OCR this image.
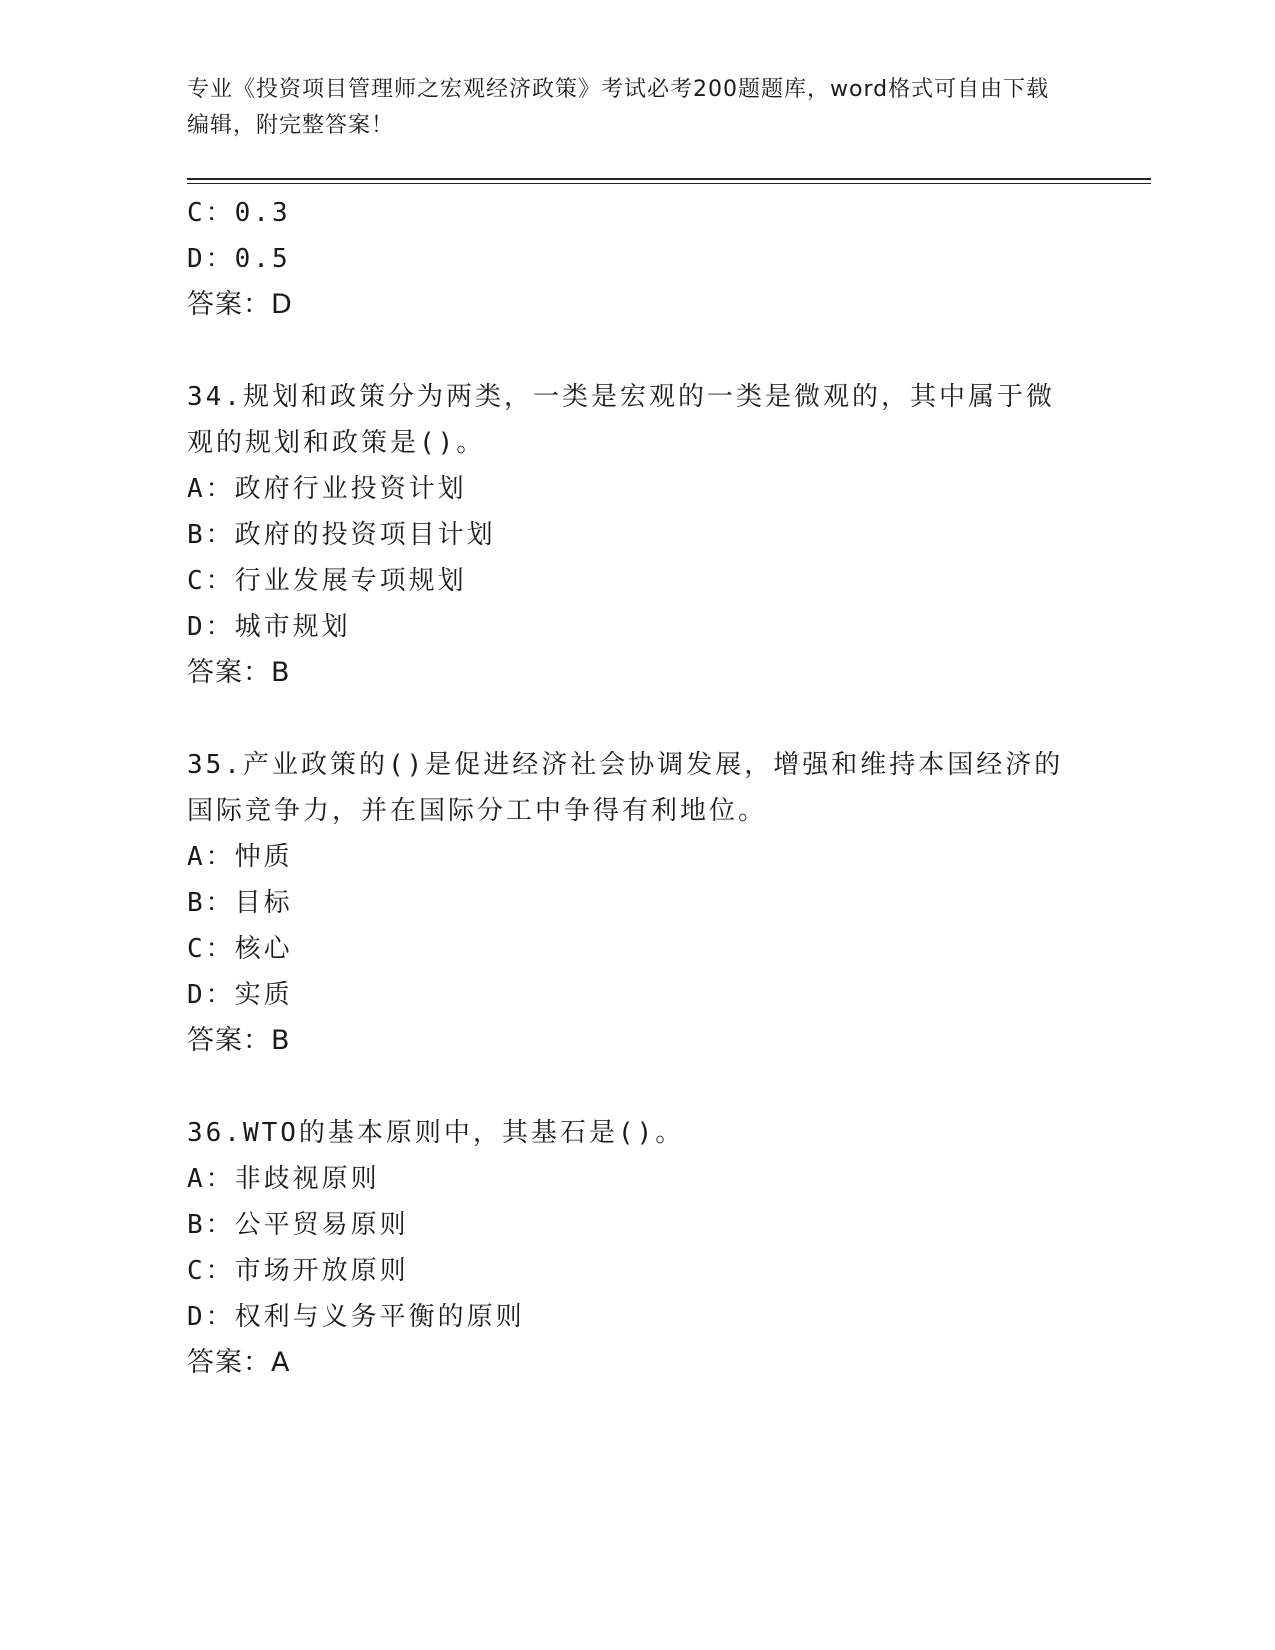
专业《投资项目管理师之宏观经济政策》考试必考200题题库，word格式可自由下载编辑，附完整答案！
C：0.3
D：0.5
答案：D
34.规划和政策分为两类，一类是宏观的一类是微观的，其中属于微观的规划和政策是()。
A：政府行业投资计划
B：政府的投资项目计划
C：行业发展专项规划
D：城市规划
答案：B
35.产业政策的()是促进经济社会协调发展，增强和维持本国经济的国际竞争力，并在国际分工中争得有利地位。
A：忡质
B：目标
C：核心
D：实质
答案：B
36.WTO的基本原则中，其基石是()。
A：非歧视原则
B：公平贸易原则
C：市场开放原则
D：权利与义务平衡的原则
答案：A
